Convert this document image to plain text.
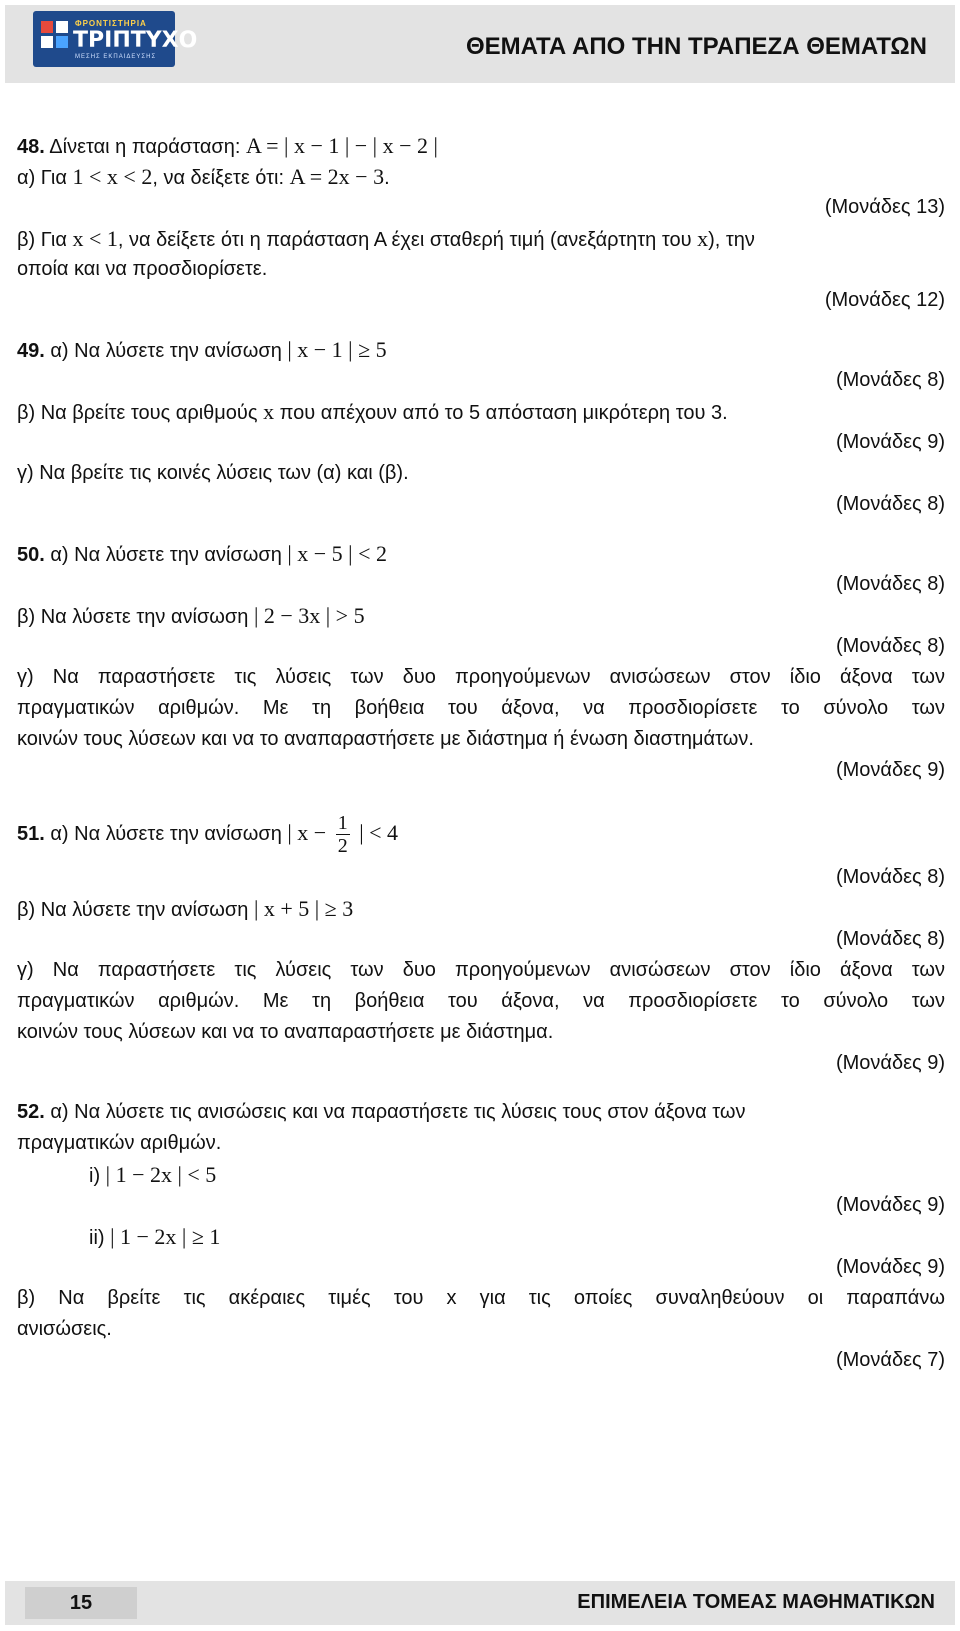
ΦΡΟΝΤΙΣΤΗΡΙΑ
ΤΡΙΠΤΥΧΟ
ΜΕΣΗΣ ΕΚΠΑΙΔΕΥΣΗΣ	ΘΕΜΑΤΑ ΑΠΟ ΤΗΝ ΤΡΑΠΕΖΑ ΘΕΜΑΤΩΝ
48. Δίνεται η παράσταση: Α = | x − 1 | − | x − 2 |
α) Για 1 < x < 2, να δείξετε ότι: Α = 2x − 3.
(Μονάδες 13)
β) Για x < 1, να δείξετε ότι η παράσταση Α έχει σταθερή τιμή (ανεξάρτητη του x), την
οποία και να προσδιορίσετε.
(Μονάδες 12)
49. α) Να λύσετε την ανίσωση | x − 1 | ≥ 5
(Μονάδες 8)
β) Να βρείτε τους αριθμούς x που απέχουν από το 5 απόσταση μικρότερη του 3.
(Μονάδες 9)
γ) Να βρείτε τις κοινές λύσεις των (α) και (β).
(Μονάδες 8)
50. α) Να λύσετε την ανίσωση | x − 5 | < 2
(Μονάδες 8)
β) Να λύσετε την ανίσωση | 2 − 3x | > 5
(Μονάδες 8)
γ) Να παραστήσετε τις λύσεις των δυο προηγούμενων ανισώσεων στον ίδιο άξονα των
πραγματικών αριθμών. Με τη βοήθεια του άξονα, να προσδιορίσετε το σύνολο των
κοινών τους λύσεων και να το αναπαραστήσετε με διάστημα ή ένωση διαστημάτων.
(Μονάδες 9)
51. α) Να λύσετε την ανίσωση | $x - \frac{1}{2}$ | < 4
(Μονάδες 8)
β) Να λύσετε την ανίσωση | x + 5 | ≥ 3
(Μονάδες 8)
γ) Να παραστήσετε τις λύσεις των δυο προηγούμενων ανισώσεων στον ίδιο άξονα των
πραγματικών αριθμών. Με τη βοήθεια του άξονα, να προσδιορίσετε το σύνολο των
κοινών τους λύσεων και να το αναπαραστήσετε με διάστημα.
(Μονάδες 9)
52. α) Να λύσετε τις ανισώσεις και να παραστήσετε τις λύσεις τους στον άξονα των
πραγματικών αριθμών.
i) | 1 − 2x | < 5
(Μονάδες 9)
ii) | 1 − 2x | ≥ 1
(Μονάδες 9)
β) Να βρείτε τις ακέραιες τιμές του x για τις οποίες συναληθεύουν οι παραπάνω
ανισώσεις.
(Μονάδες 7)
15	ΕΠΙΜΕΛΕΙΑ ΤΟΜΕΑΣ ΜΑΘΗΜΑΤΙΚΩΝ
